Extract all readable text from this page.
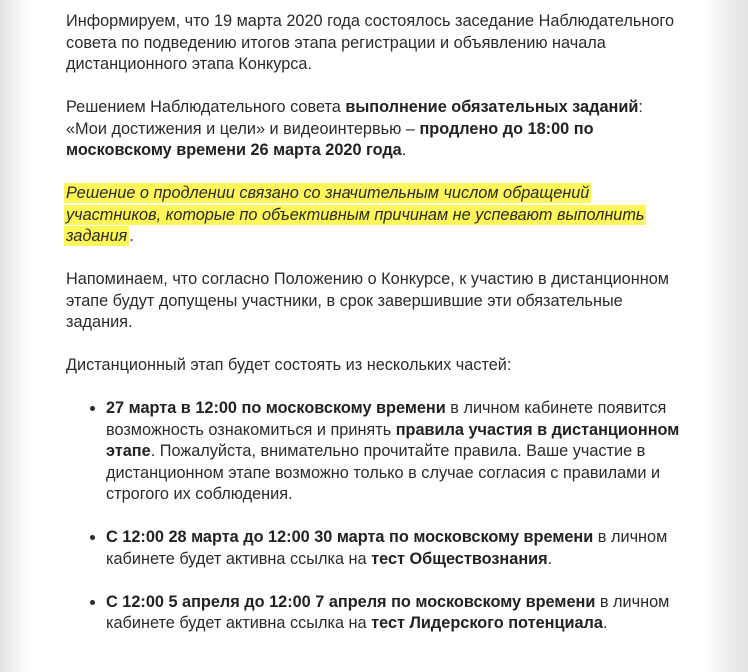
Информируем, что 19 марта 2020 года состоялось заседание Наблюдательного совета по подведению итогов этапа регистрации и объявлению начала дистанционного этапа Конкурса.

Решением Наблюдательного совета выполнение обязательных заданий: «Мои достижения и цели» и видеоинтервью – продлено до 18:00 по московскому времени 26 марта 2020 года.

Решение о продлении связано со значительным числом обращений участников, которые по объективным причинам не успевают выполнить задания .

Напоминаем, что согласно Положению о Конкурсе, к участию в дистанционном этапе будут допущены участники, в срок завершившие эти обязательные задания.

Дистанционный этап будет состоять из нескольких частей:

• 27 марта в 12:00 по московскому времени в личном кабинете появится возможность ознакомиться и принять правила участия в дистанционном этапе. Пожалуйста, внимательно прочитайте правила. Ваше участие в дистанционном этапе возможно только в случае согласия с правилами и строгого их соблюдения.
• С 12:00 28 марта до 12:00 30 марта по московскому времени в личном кабинете будет активна ссылка на тест Обществознания.
• С 12:00 5 апреля до 12:00 7 апреля по московскому времени в личном кабинете будет активна ссылка на тест Лидерского потенциала.
